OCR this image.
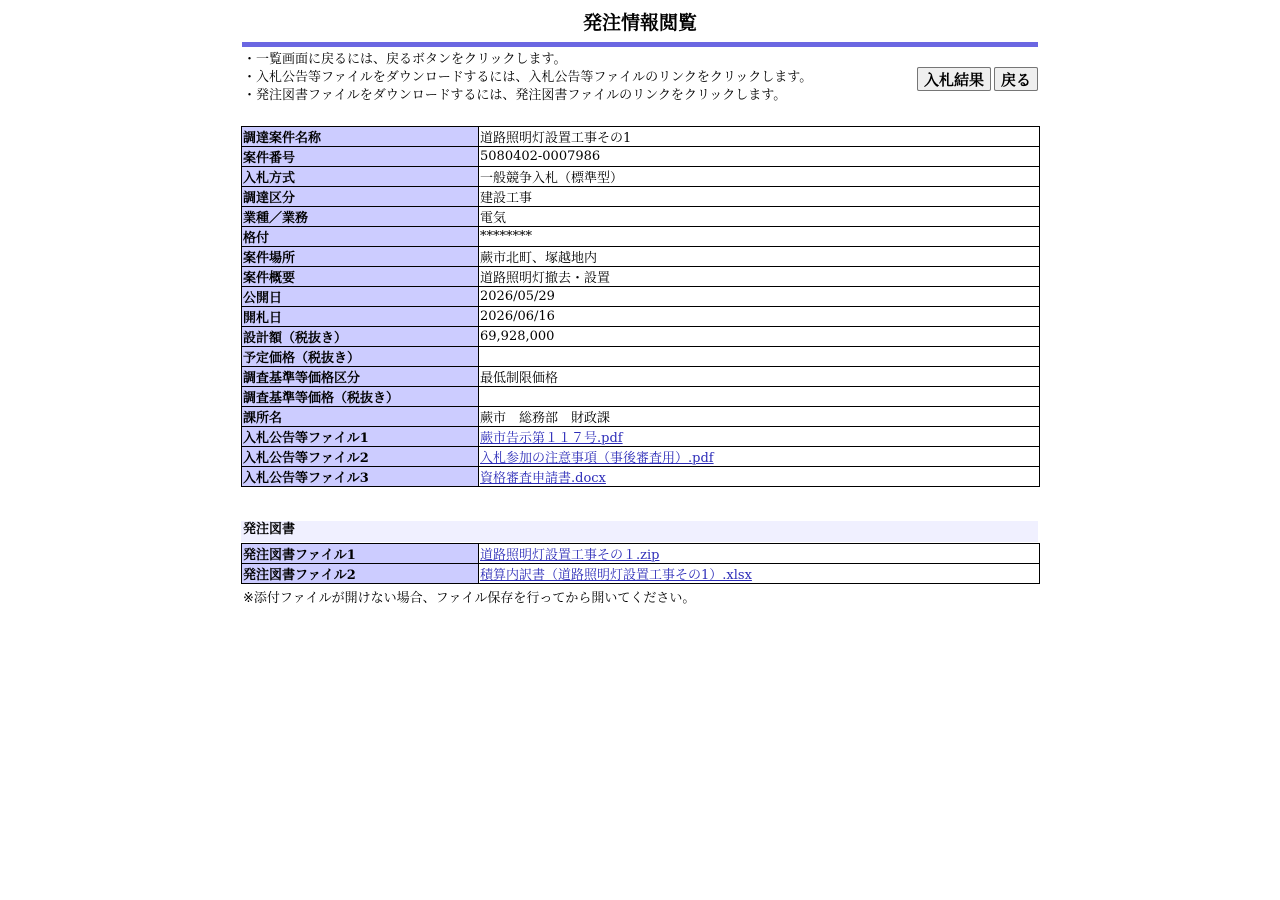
発注情報閲覧
・一覧画面に戻るには、戻るボタンをクリックします。
・入札公告等ファイルをダウンロードするには、入札公告等ファイルのリンクをクリックします。
・発注図書ファイルをダウンロードするには、発注図書ファイルのリンクをクリックします。
入札結果	戻る
調達案件名称	道路照明灯設置工事その1
案件番号	5080402-0007986
入札方式	一般競争入札（標準型）
調達区分	建設工事
業種／業務	電気
格付	********
案件場所	蕨市北町、塚越地内
案件概要	道路照明灯撤去・設置
公開日	2026/05/29
開札日	2026/06/16
設計額（税抜き）	69,928,000
予定価格（税抜き）	
調査基準等価格区分	最低制限価格
調査基準等価格（税抜き）	
課所名	蕨市　総務部　財政課
入札公告等ファイル1	蕨市告示第１１７号.pdf
入札公告等ファイル2	入札参加の注意事項（事後審査用）.pdf
入札公告等ファイル3	資格審査申請書.docx
発注図書
発注図書ファイル1	道路照明灯設置工事その１.zip
発注図書ファイル2	積算内訳書（道路照明灯設置工事その1）.xlsx
※添付ファイルが開けない場合、ファイル保存を行ってから開いてください。
